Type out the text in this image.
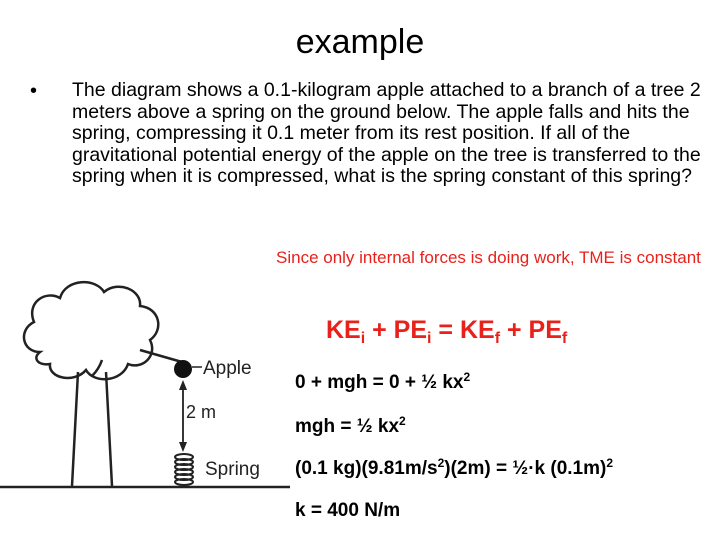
example
• The diagram shows a 0.1-kilogram apple attached to a branch of a tree 2 meters above a spring on the ground below. The apple falls and hits the spring, compressing it 0.1 meter from its rest position. If all of the gravitational potential energy of the apple on the tree is transferred to the spring when it is compressed, what is the spring constant of this spring?
Since only internal forces is doing work, TME is constant
Apple
2 m
Spring
$KE_i + PE_i = KE_f + PE_f$
0 + mgh = 0 + ½ $kx^2$
mgh = ½ $kx^2$
(0.1 $kg)(9.81m/s^2)(2m)$ = ½·k $(0.1m)^2$
k = 400 N/m
